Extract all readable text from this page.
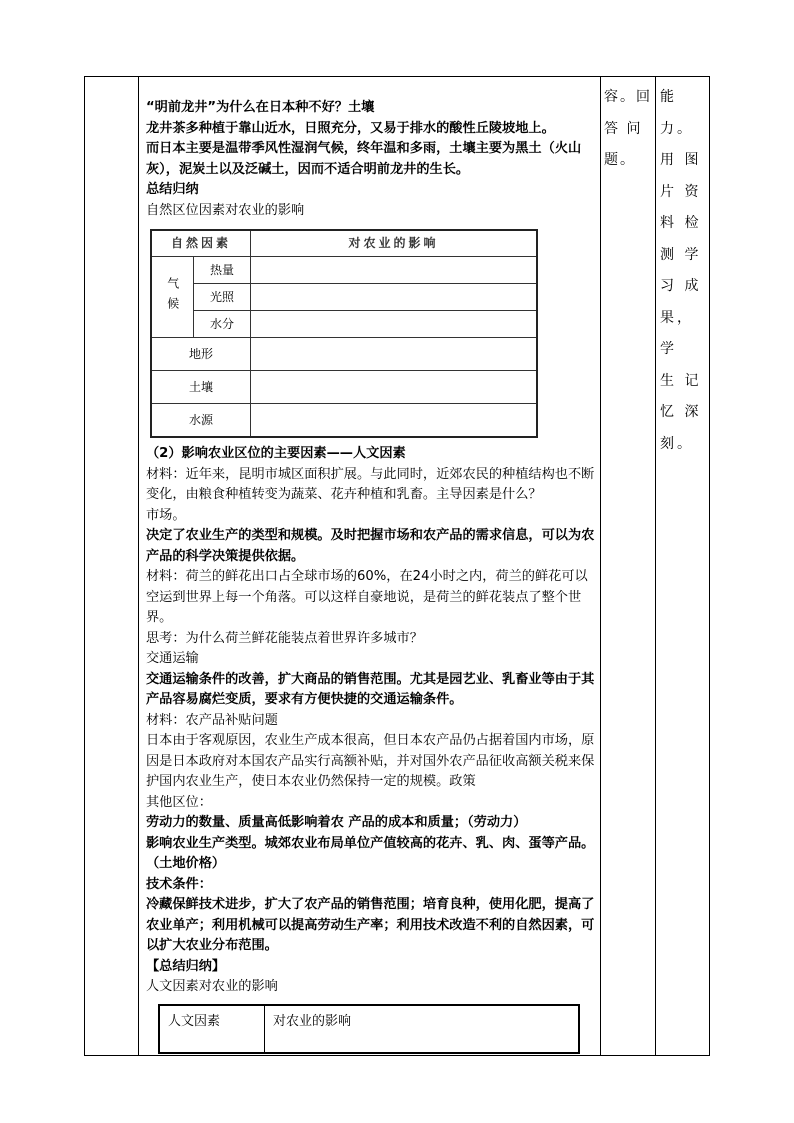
“明前龙井”为什么在日本种不好？土壤

龙井茶多种植于靠山近水，日照充分，又易于排水的酸性丘陵坡地上。

而日本主要是温带季风性湿润气候，终年温和多雨，土壤主要为黑土（火山灰），泥炭土以及泛碱土，因而不适合明前龙井的生长。

总结归纳

自然区位因素对农业的影响

自然因素		对农业的影响
气候	热量	
	光照	
	水分	
地形		
土壤		
水源		

（2）影响农业区位的主要因素——人文因素

材料：近年来，昆明市城区面积扩展。与此同时，近郊农民的种植结构也不断变化，由粮食种植转变为蔬菜、花卉种植和乳畜。主导因素是什么？

市场。

决定了农业生产的类型和规模。及时把握市场和农产品的需求信息，可以为农产品的科学决策提供依据。

材料：荷兰的鲜花出口占全球市场的60%，在24小时之内，荷兰的鲜花可以空运到世界上每一个角落。可以这样自豪地说，是荷兰的鲜花装点了整个世界。

思考：为什么荷兰鲜花能装点着世界许多城市？

交通运输

交通运输条件的改善，扩大商品的销售范围。尤其是园艺业、乳畜业等由于其产品容易腐烂变质，要求有方便快捷的交通运输条件。

材料：农产品补贴问题

日本由于客观原因，农业生产成本很高，但日本农产品仍占据着国内市场，原因是日本政府对本国农产品实行高额补贴，并对国外农产品征收高额关税来保护国内农业生产，使日本农业仍然保持一定的规模。政策

其他区位：

劳动力的数量、质量高低影响着农 产品的成本和质量；（劳动力）

影响农业生产类型。城郊农业布局单位产值较高的花卉、乳、肉、蛋等产品。（土地价格）

技术条件：

冷藏保鲜技术进步，扩大了农产品的销售范围；培育良种，使用化肥，提高了农业单产；利用机械可以提高劳动生产率；利用技术改造不利的自然因素，可以扩大农业分布范围。

【总结归纳】

人文因素对农业的影响

人文因素	对农业的影响

容。回

答 问

题。

能力。

用 图

片 资

料 检

测 学

习 成

果，学

生 记

忆 深

刻。
